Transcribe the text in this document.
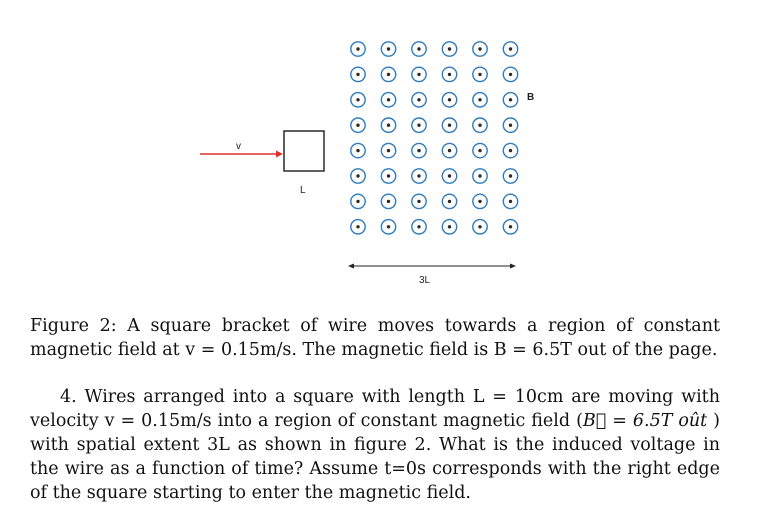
v
L
B
3L
Figure 2: A square bracket of wire moves towards a region of constant magnetic field at v = 0.15m/s. The magnetic field is B = 6.5T out of the page.
4. Wires arranged into a square with length L = 10cm are moving with velocity v = 0.15m/s into a region of constant magnetic field (B⃗ = 6.5T oût ) with spatial extent 3L as shown in figure 2. What is the induced voltage in the wire as a function of time? Assume t=0s corresponds with the right edge of the square starting to enter the magnetic field.
